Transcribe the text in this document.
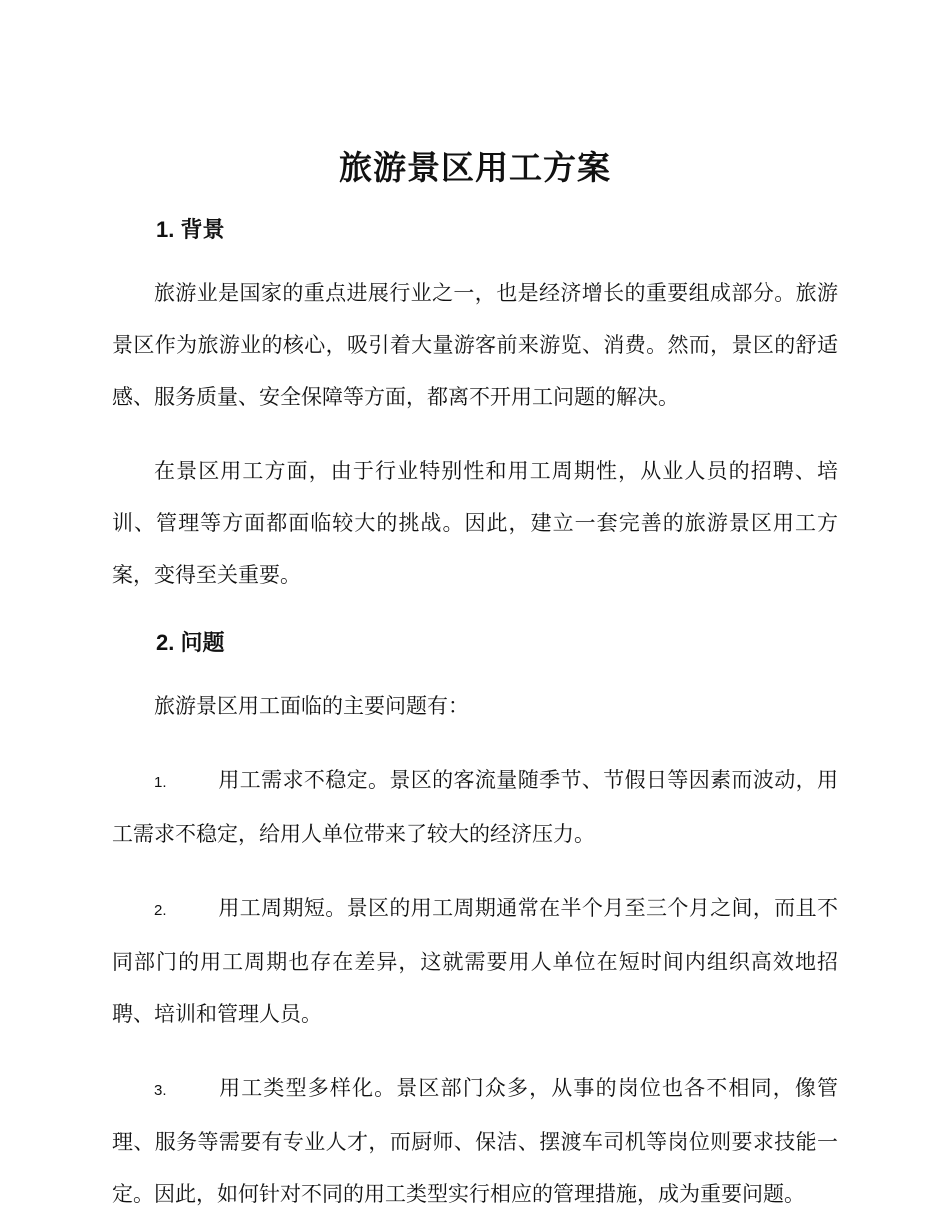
旅游景区用工方案
1. 背景

旅游业是国家的重点进展行业之一，也是经济增长的重要组成部分。旅游景区作为旅游业的核心，吸引着大量游客前来游览、消费。然而，景区的舒适感、服务质量、安全保障等方面，都离不开用工问题的解决。

在景区用工方面，由于行业特别性和用工周期性，从业人员的招聘、培训、管理等方面都面临较大的挑战。因此，建立一套完善的旅游景区用工方案，变得至关重要。

2. 问题

旅游景区用工面临的主要问题有：

1. 用工需求不稳定。景区的客流量随季节、节假日等因素而波动，用工需求不稳定，给用人单位带来了较大的经济压力。

2. 用工周期短。景区的用工周期通常在半个月至三个月之间，而且不同部门的用工周期也存在差异，这就需要用人单位在短时间内组织高效地招聘、培训和管理人员。

3. 用工类型多样化。景区部门众多，从事的岗位也各不相同，像管理、服务等需要有专业人才，而厨师、保洁、摆渡车司机等岗位则要求技能一定。因此，如何针对不同的用工类型实行相应的管理措施，成为重要问题。
